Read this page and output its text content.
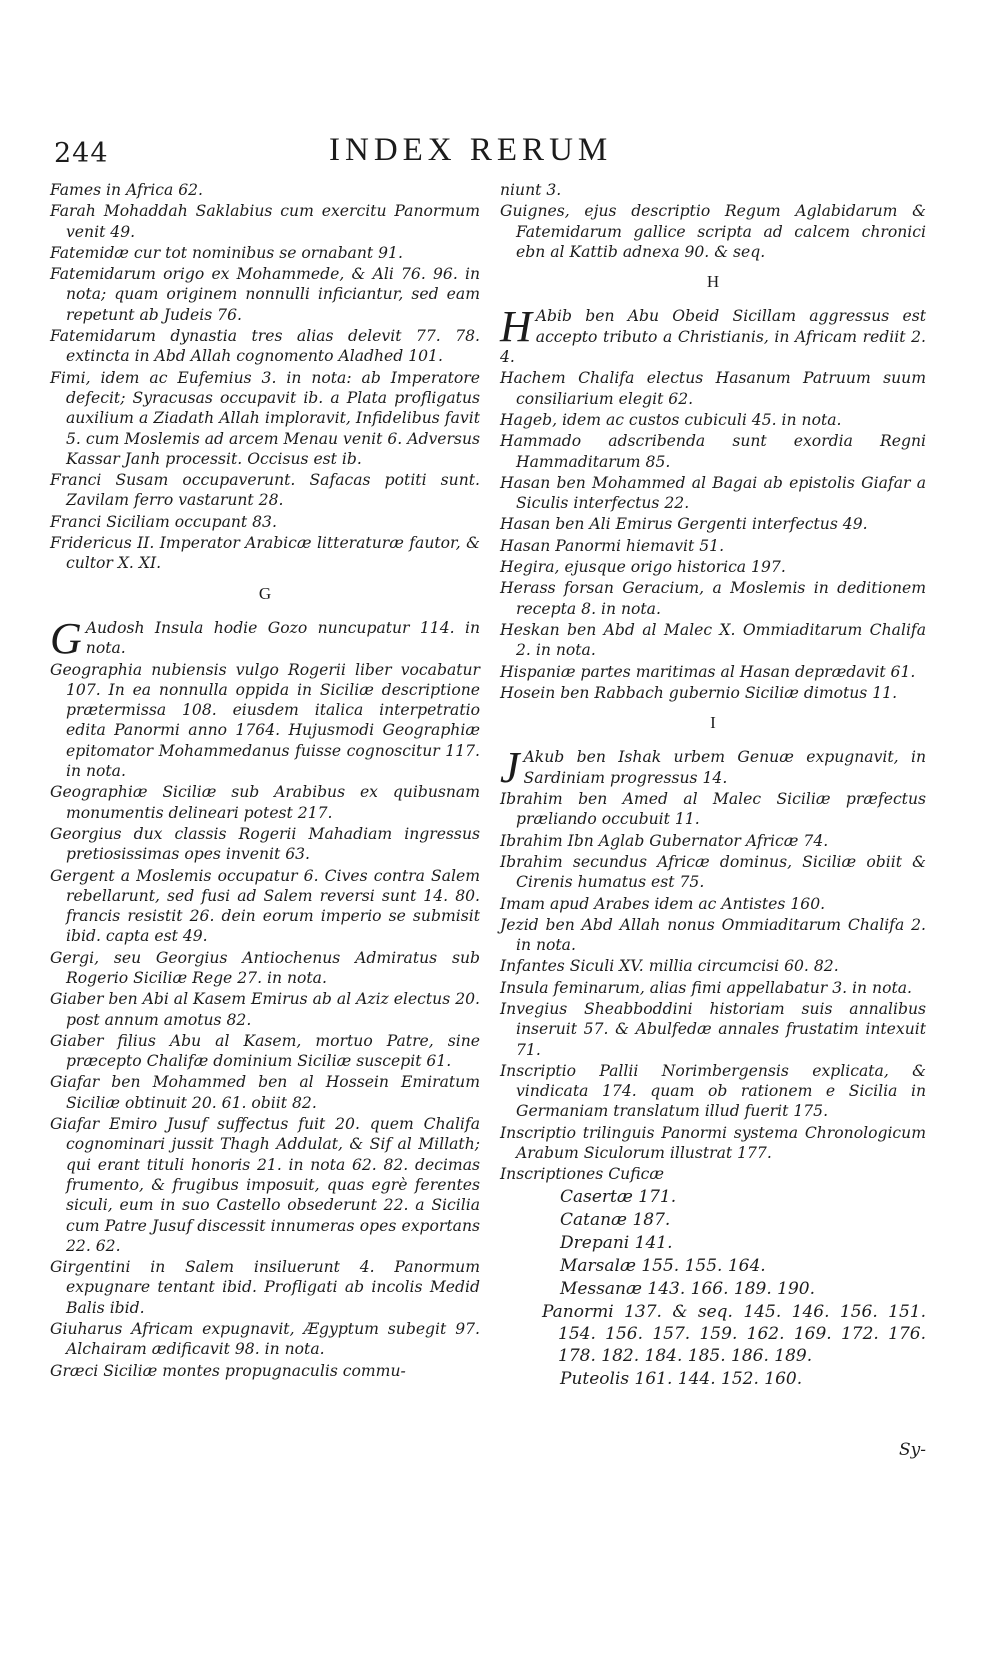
244	INDEX RERUM

Fames in Africa 62.

Farah Mohaddah Saklabius cum exercitu Panormum venit 49.

Fatemidæ cur tot nominibus se ornabant 91.

Fatemidarum origo ex Mohammede, & Ali 76. 96. in nota; quam originem nonnulli inficiantur, sed eam repetunt ab Judeis 76.

Fatemidarum dynastia tres alias delevit 77. 78. extincta in Abd Allah cognomento Aladhed 101.

Fimi, idem ac Eufemius 3. in nota: ab Imperatore defecit; Syracusas occupavit ib. a Plata profligatus auxilium a Ziadath Allah imploravit, Infidelibus favit 5. cum Moslemis ad arcem Menau venit 6. Adversus Kassar Janh processit. Occisus est ib.

Franci Susam occupaverunt. Safacas potiti sunt. Zavilam ferro vastarunt 28.

Franci Siciliam occupant 83.

Fridericus II. Imperator Arabicæ litteraturæ fautor, & cultor X. XI.

G

G Audosh Insula hodie Gozo nuncupatur 114. in nota.

Geographia nubiensis vulgo Rogerii liber vocabatur 107. In ea nonnulla oppida in Siciliæ descriptione prætermissa 108. eiusdem italica interpetratio edita Panormi anno 1764. Hujusmodi Geographiæ epitomator Mohammedanus fuisse cognoscitur 117. in nota.

Geographiæ Siciliæ sub Arabibus ex quibusnam monumentis delineari potest 217.

Georgius dux classis Rogerii Mahadiam ingressus pretiosissimas opes invenit 63.

Gergent a Moslemis occupatur 6. Cives contra Salem rebellarunt, sed fusi ad Salem reversi sunt 14. 80. francis resistit 26. dein eorum imperio se submisit ibid. capta est 49.

Gergi, seu Georgius Antiochenus Admiratus sub Rogerio Siciliæ Rege 27. in nota.

Giaber ben Abi al Kasem Emirus ab al Aziz electus 20. post annum amotus 82.

Giaber filius Abu al Kasem, mortuo Patre, sine præcepto Chalifæ dominium Siciliæ suscepit 61.

Giafar ben Mohammed ben al Hossein Emiratum Siciliæ obtinuit 20. 61. obiit 82.

Giafar Emiro Jusuf suffectus fuit 20. quem Chalifa cognominari jussit Thagh Addulat, & Sif al Millath; qui erant tituli honoris 21. in nota 62. 82. decimas frumento, & frugibus imposuit, quas egrè ferentes siculi, eum in suo Castello obsederunt 22. a Sicilia cum Patre Jusuf discessit innumeras opes exportans 22. 62.

Girgentini in Salem insiluerunt 4. Panormum expugnare tentant ibid. Profligati ab incolis Medid Balis ibid.

Giuharus Africam expugnavit, Ægyptum subegit 97. Alchairam ædificavit 98. in nota.

Græci Siciliæ montes propugnaculis commu-

niunt 3.

Guignes, ejus descriptio Regum Aglabidarum & Fatemidarum gallice scripta ad calcem chronici ebn al Kattib adnexa 90. & seq.

H

H Abib ben Abu Obeid Sicillam aggressus est accepto tributo a Christianis, in Africam rediit 2. 4.

Hachem Chalifa electus Hasanum Patruum suum consiliarium elegit 62.

Hageb, idem ac custos cubiculi 45. in nota.

Hammado adscribenda sunt exordia Regni Hammaditarum 85.

Hasan ben Mohammed al Bagai ab epistolis Giafar a Siculis interfectus 22.

Hasan ben Ali Emirus Gergenti interfectus 49.

Hasan Panormi hiemavit 51.

Hegira, ejusque origo historica 197.

Herass forsan Geracium, a Moslemis in deditionem recepta 8. in nota.

Heskan ben Abd al Malec X. Ommiaditarum Chalifa 2. in nota.

Hispaniæ partes maritimas al Hasan deprædavit 61.

Hosein ben Rabbach gubernio Siciliæ dimotus 11.

I

J Akub ben Ishak urbem Genuæ expugnavit, in Sardiniam progressus 14.

Ibrahim ben Amed al Malec Siciliæ præfectus præliando occubuit 11.

Ibrahim Ibn Aglab Gubernator Africæ 74.

Ibrahim secundus Africæ dominus, Siciliæ obiit & Cirenis humatus est 75.

Imam apud Arabes idem ac Antistes 160.

Jezid ben Abd Allah nonus Ommiaditarum Chalifa 2. in nota.

Infantes Siculi XV. millia circumcisi 60. 82.

Insula feminarum, alias fimi appellabatur 3. in nota.

Invegius Sheabboddini historiam suis annalibus inseruit 57. & Abulfedæ annales frustatim intexuit 71.

Inscriptio Pallii Norimbergensis explicata, & vindicata 174. quam ob rationem e Sicilia in Germaniam translatum illud fuerit 175.

Inscriptio trilinguis Panormi systema Chronologicum Arabum Siculorum illustrat 177.

Inscriptiones Cuficæ

Casertæ 171.

Catanæ 187.

Drepani 141.

Marsalæ 155. 155. 164.

Messanæ 143. 166. 189. 190.

Panormi 137. & seq. 145. 146. 156. 151. 154. 156. 157. 159. 162. 169. 172. 176. 178. 182. 184. 185. 186. 189.

Puteolis 161. 144. 152. 160.

Sy-
